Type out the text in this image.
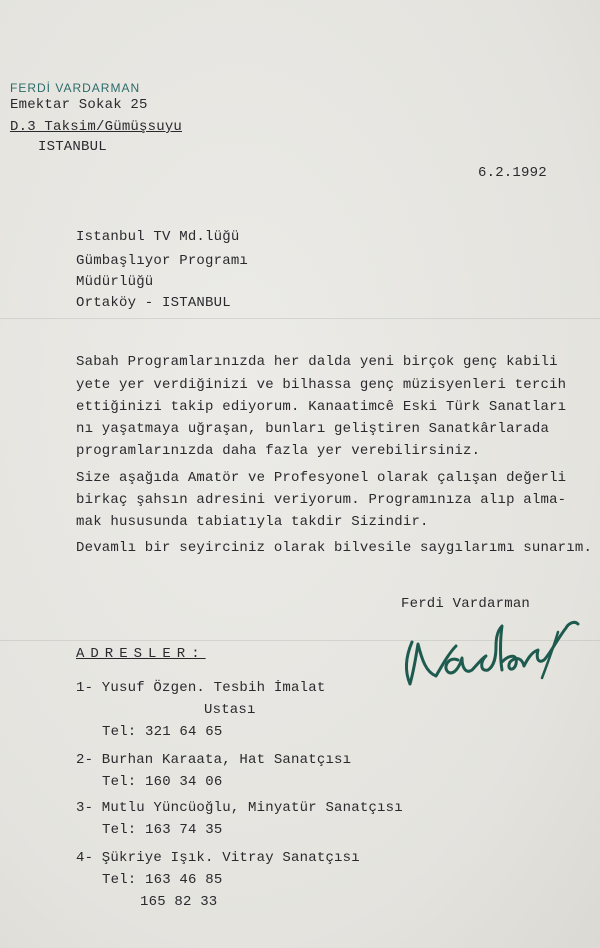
FERDİ VARDARMAN
Emektar Sokak 25
D.3 Taksim/Gümüşsuyu
ISTANBUL
6.2.1992
Istanbul TV Md.lüğü
Gümbaşlıyor Programı
Müdürlüğü
Ortaköy - ISTANBUL
Sabah Programlarınızda her dalda yeni birçok genç kabili
yete yer verdiğinizi ve bilhassa genç müzisyenleri tercih
ettiğinizi takip ediyorum. Kanaatimcê Eski Türk Sanatları
nı yaşatmaya uğraşan, bunları geliştiren Sanatkârlarada
programlarınızda daha fazla yer verebilirsiniz.
Size aşağıda Amatör ve Profesyonel olarak çalışan değerli
birkaç şahsın adresini veriyorum. Programınıza alıp alma-
mak hususunda tabiatıyla takdir Sizindir.
Devamlı bir seyirciniz olarak bilvesile saygılarımı sunarım.
Ferdi Vardarman
ADRESLER:
1- Yusuf Özgen. Tesbih İmalat
Ustası
Tel: 321 64 65
2- Burhan Karaata, Hat Sanatçısı
Tel: 160 34 06
3- Mutlu Yüncüoğlu, Minyatür Sanatçısı
Tel: 163 74 35
4- Şükriye Işık. Vitray Sanatçısı
Tel: 163 46 85
165 82 33
